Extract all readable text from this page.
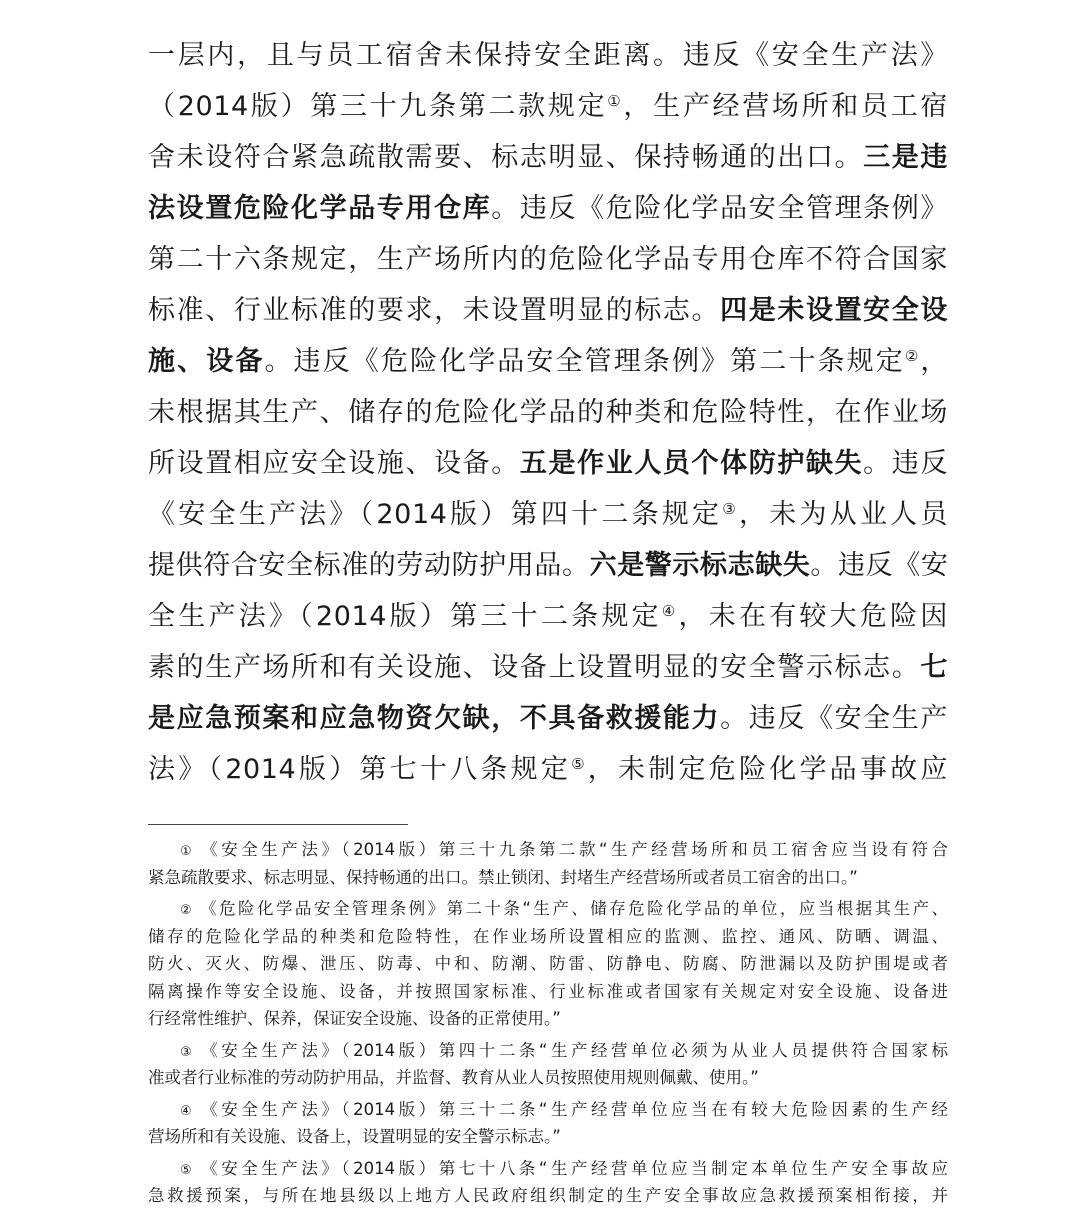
一层内，且与员工宿舍未保持安全距离。违反《安全生产法》
（2014版）第三十九条第二款规定①，生产经营场所和员工宿
舍未设符合紧急疏散需要、标志明显、保持畅通的出口。三是违
法设置危险化学品专用仓库。违反《危险化学品安全管理条例》
第二十六条规定，生产场所内的危险化学品专用仓库不符合国家
标准、行业标准的要求，未设置明显的标志。四是未设置安全设
施、设备。违反《危险化学品安全管理条例》第二十条规定②，
未根据其生产、储存的危险化学品的种类和危险特性，在作业场
所设置相应安全设施、设备。五是作业人员个体防护缺失。违反
《安全生产法》（2014版）第四十二条规定③，未为从业人员
提供符合安全标准的劳动防护用品。六是警示标志缺失。违反《安
全生产法》（2014版）第三十二条规定④，未在有较大危险因
素的生产场所和有关设施、设备上设置明显的安全警示标志。七
是应急预案和应急物资欠缺，不具备救援能力。违反《安全生产
法》（2014版）第七十八条规定⑤，未制定危险化学品事故应
① 《安全生产法》（2014版）第三十九条第二款“生产经营场所和员工宿舍应当设有符合
紧急疏散要求、标志明显、保持畅通的出口。禁止锁闭、封堵生产经营场所或者员工宿舍的出口。”
② 《危险化学品安全管理条例》第二十条“生产、储存危险化学品的单位，应当根据其生产、
储存的危险化学品的种类和危险特性，在作业场所设置相应的监测、监控、通风、防晒、调温、
防火、灭火、防爆、泄压、防毒、中和、防潮、防雷、防静电、防腐、防泄漏以及防护围堤或者
隔离操作等安全设施、设备，并按照国家标准、行业标准或者国家有关规定对安全设施、设备进
行经常性维护、保养，保证安全设施、设备的正常使用。”
③ 《安全生产法》（2014版）第四十二条“生产经营单位必须为从业人员提供符合国家标
准或者行业标准的劳动防护用品，并监督、教育从业人员按照使用规则佩戴、使用。”
④ 《安全生产法》（2014版）第三十二条“生产经营单位应当在有较大危险因素的生产经
营场所和有关设施、设备上，设置明显的安全警示标志。”
⑤ 《安全生产法》（2014版）第七十八条“生产经营单位应当制定本单位生产安全事故应
急救援预案，与所在地县级以上地方人民政府组织制定的生产安全事故应急救援预案相衔接，并
